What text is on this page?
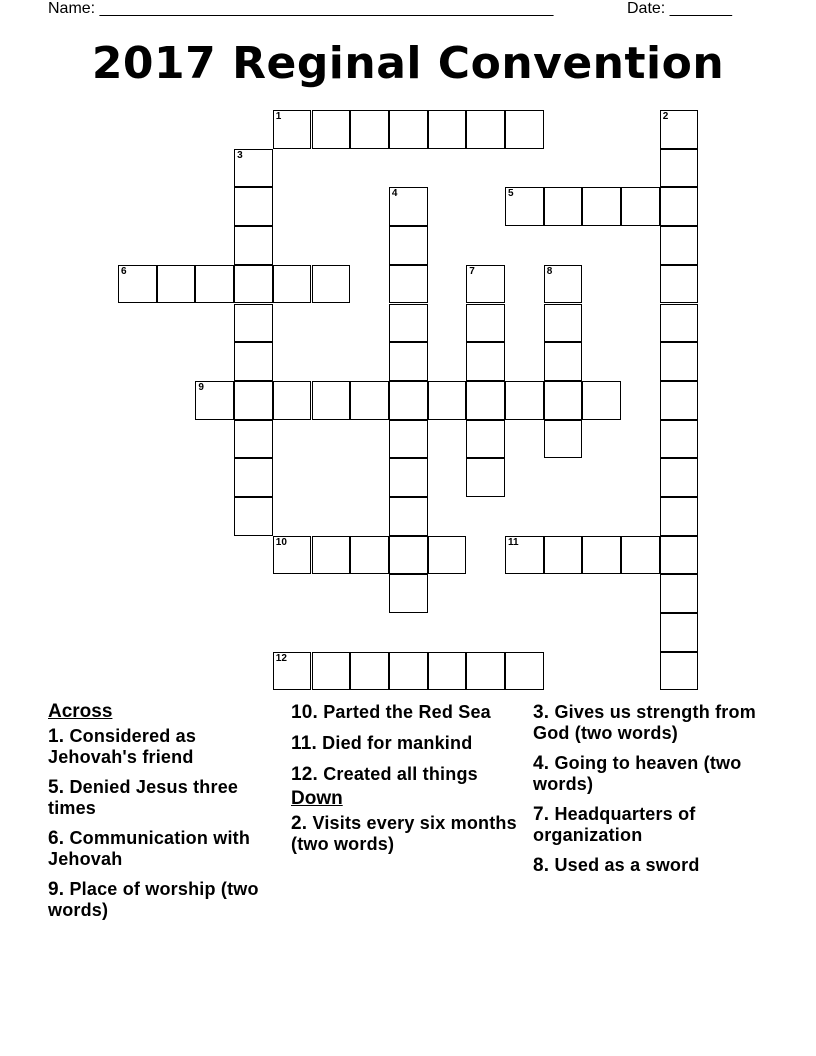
Name: ___________________________________________________	Date: _______
2017 Reginal Convention
1	2
3
4	5
6	7	8
9
10	11
12
Across
1. Considered as Jehovah's friend
5. Denied Jesus three times
6. Communication with Jehovah
9. Place of worship (two words)
10. Parted the Red Sea
11. Died for mankind
12. Created all things
Down
2. Visits every six months (two words)
3. Gives us strength from God (two words)
4. Going to heaven (two words)
7. Headquarters of organization
8. Used as a sword
